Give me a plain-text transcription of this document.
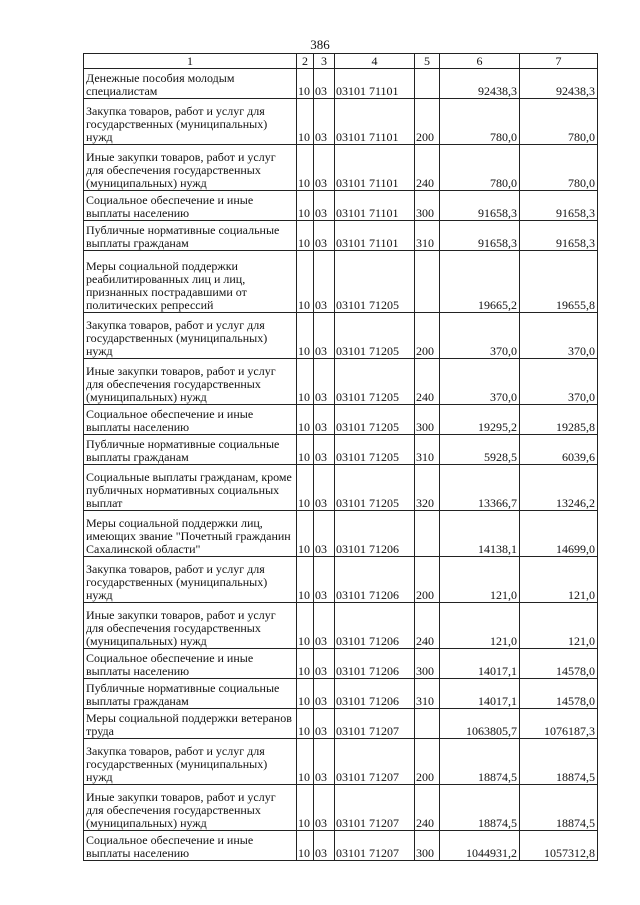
386
1	2	3	4	5	6	7
Денежные пособия молодым специалистам	10	03	03101 71101		92438,3	92438,3
Закупка товаров, работ и услуг для государственных (муниципальных) нужд	10	03	03101 71101	200	780,0	780,0
Иные закупки товаров, работ и услуг для обеспечения государственных (муниципальных) нужд	10	03	03101 71101	240	780,0	780,0
Социальное обеспечение и иные выплаты населению	10	03	03101 71101	300	91658,3	91658,3
Публичные нормативные социальные выплаты гражданам	10	03	03101 71101	310	91658,3	91658,3
Меры социальной поддержки реабилитированных лиц и лиц, признанных пострадавшими от политических репрессий	10	03	03101 71205		19665,2	19655,8
Закупка товаров, работ и услуг для государственных (муниципальных) нужд	10	03	03101 71205	200	370,0	370,0
Иные закупки товаров, работ и услуг для обеспечения государственных (муниципальных) нужд	10	03	03101 71205	240	370,0	370,0
Социальное обеспечение и иные выплаты населению	10	03	03101 71205	300	19295,2	19285,8
Публичные нормативные социальные выплаты гражданам	10	03	03101 71205	310	5928,5	6039,6
Социальные выплаты гражданам, кроме публичных нормативных социальных выплат	10	03	03101 71205	320	13366,7	13246,2
Меры социальной поддержки лиц, имеющих звание "Почетный гражданин Сахалинской области"	10	03	03101 71206		14138,1	14699,0
Закупка товаров, работ и услуг для государственных (муниципальных) нужд	10	03	03101 71206	200	121,0	121,0
Иные закупки товаров, работ и услуг для обеспечения государственных (муниципальных) нужд	10	03	03101 71206	240	121,0	121,0
Социальное обеспечение и иные выплаты населению	10	03	03101 71206	300	14017,1	14578,0
Публичные нормативные социальные выплаты гражданам	10	03	03101 71206	310	14017,1	14578,0
Меры социальной поддержки ветеранов труда	10	03	03101 71207		1063805,7	1076187,3
Закупка товаров, работ и услуг для государственных (муниципальных) нужд	10	03	03101 71207	200	18874,5	18874,5
Иные закупки товаров, работ и услуг для обеспечения государственных (муниципальных) нужд	10	03	03101 71207	240	18874,5	18874,5
Социальное обеспечение и иные выплаты населению	10	03	03101 71207	300	1044931,2	1057312,8
